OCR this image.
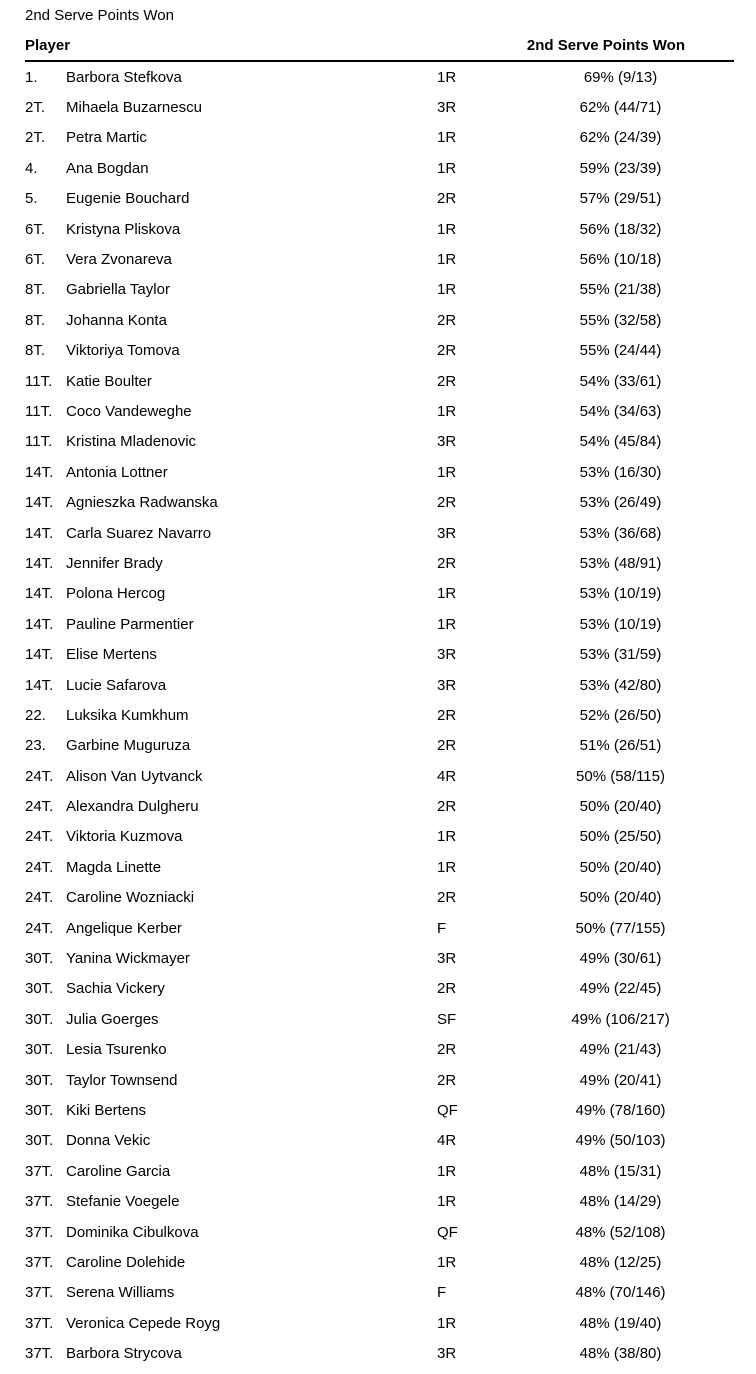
2nd Serve Points Won
Player		2nd Serve Points Won	
1.	Barbora Stefkova	1R	69% (9/13)
2T.	Mihaela Buzarnescu	3R	62% (44/71)
2T.	Petra Martic	1R	62% (24/39)
4.	Ana Bogdan	1R	59% (23/39)
5.	Eugenie Bouchard	2R	57% (29/51)
6T.	Kristyna Pliskova	1R	56% (18/32)
6T.	Vera Zvonareva	1R	56% (10/18)
8T.	Gabriella Taylor	1R	55% (21/38)
8T.	Johanna Konta	2R	55% (32/58)
8T.	Viktoriya Tomova	2R	55% (24/44)
11T.	Katie Boulter	2R	54% (33/61)
11T.	Coco Vandeweghe	1R	54% (34/63)
11T.	Kristina Mladenovic	3R	54% (45/84)
14T.	Antonia Lottner	1R	53% (16/30)
14T.	Agnieszka Radwanska	2R	53% (26/49)
14T.	Carla Suarez Navarro	3R	53% (36/68)
14T.	Jennifer Brady	2R	53% (48/91)
14T.	Polona Hercog	1R	53% (10/19)
14T.	Pauline Parmentier	1R	53% (10/19)
14T.	Elise Mertens	3R	53% (31/59)
14T.	Lucie Safarova	3R	53% (42/80)
22.	Luksika Kumkhum	2R	52% (26/50)
23.	Garbine Muguruza	2R	51% (26/51)
24T.	Alison Van Uytvanck	4R	50% (58/115)
24T.	Alexandra Dulgheru	2R	50% (20/40)
24T.	Viktoria Kuzmova	1R	50% (25/50)
24T.	Magda Linette	1R	50% (20/40)
24T.	Caroline Wozniacki	2R	50% (20/40)
24T.	Angelique Kerber	F	50% (77/155)
30T.	Yanina Wickmayer	3R	49% (30/61)
30T.	Sachia Vickery	2R	49% (22/45)
30T.	Julia Goerges	SF	49% (106/217)
30T.	Lesia Tsurenko	2R	49% (21/43)
30T.	Taylor Townsend	2R	49% (20/41)
30T.	Kiki Bertens	QF	49% (78/160)
30T.	Donna Vekic	4R	49% (50/103)
37T.	Caroline Garcia	1R	48% (15/31)
37T.	Stefanie Voegele	1R	48% (14/29)
37T.	Dominika Cibulkova	QF	48% (52/108)
37T.	Caroline Dolehide	1R	48% (12/25)
37T.	Serena Williams	F	48% (70/146)
37T.	Veronica Cepede Royg	1R	48% (19/40)
37T.	Barbora Strycova	3R	48% (38/80)
